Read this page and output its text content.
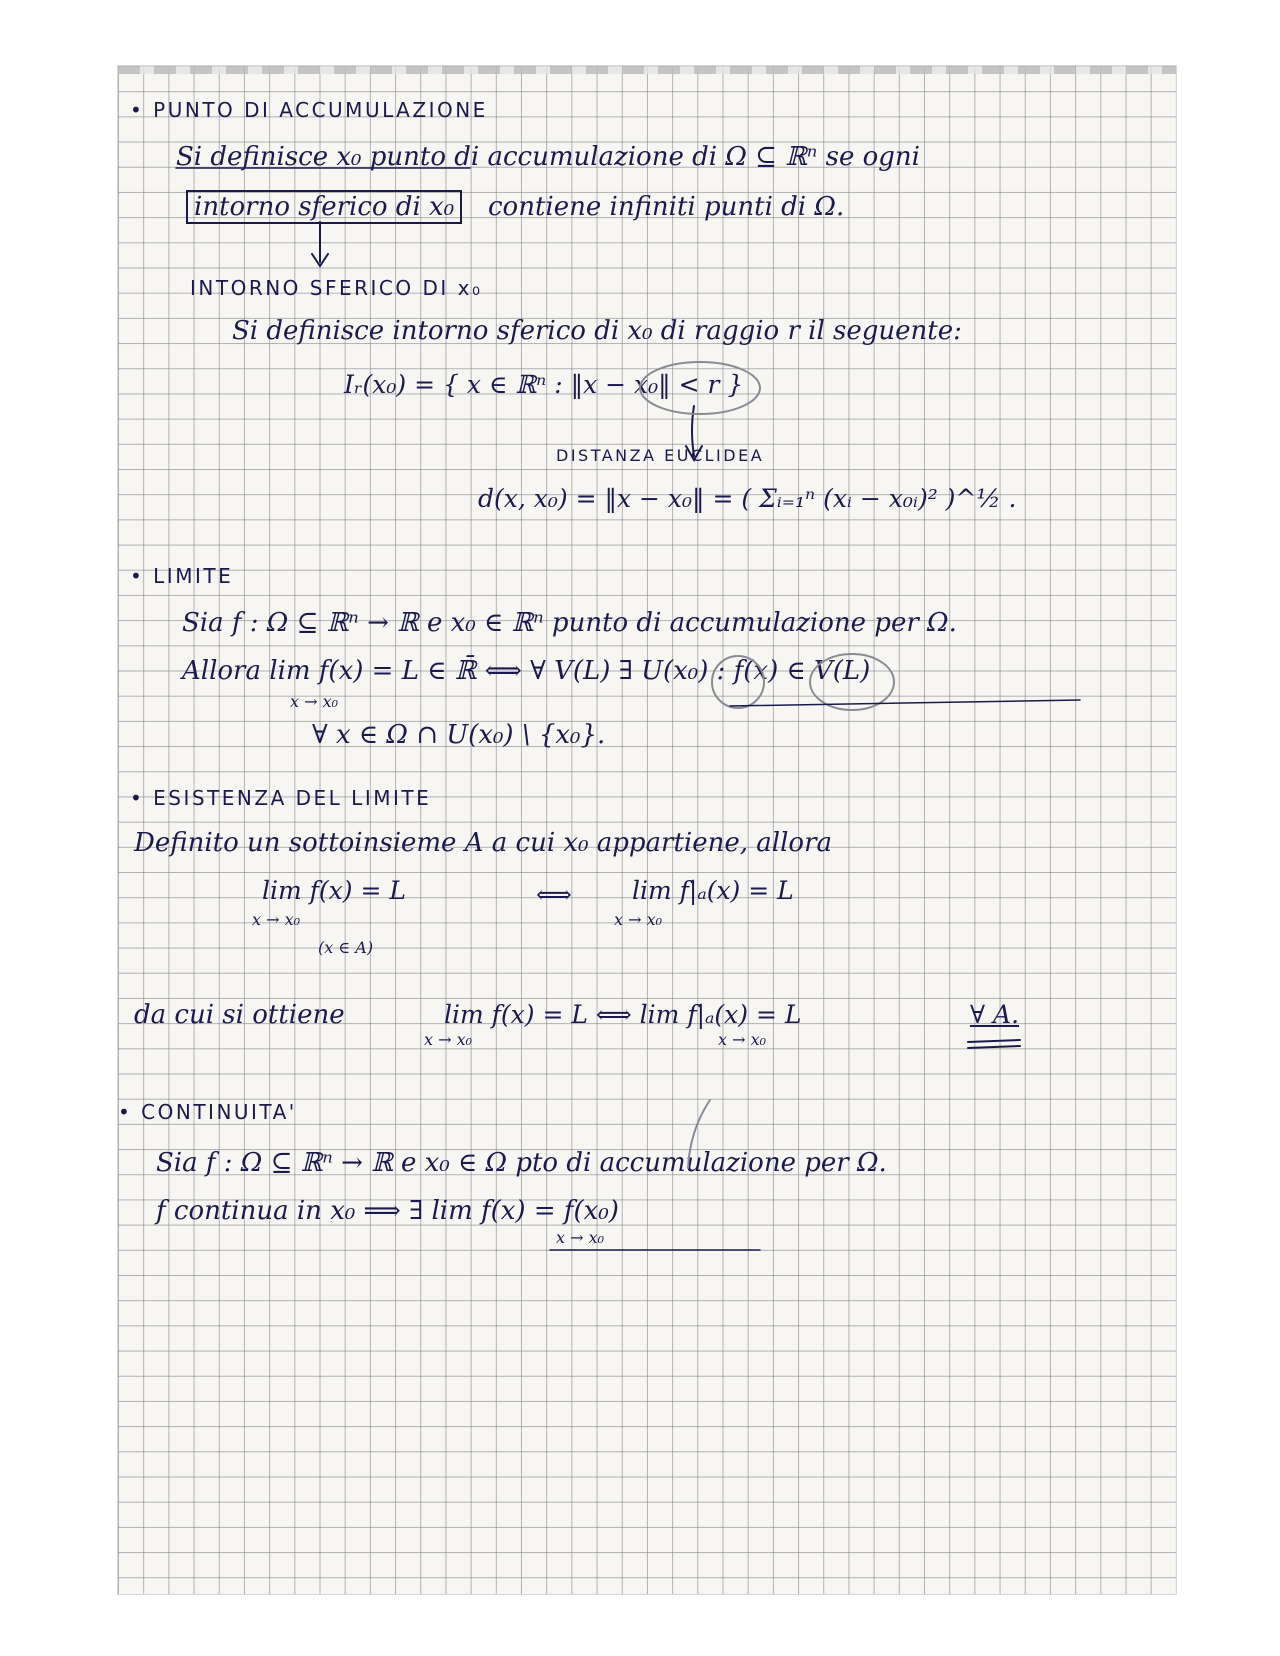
• PUNTO DI ACCUMULAZIONE
Si definisce x₀ punto di accumulazione di Ω ⊆ ℝⁿ se ogni
intorno sferico di x₀	contiene infiniti punti di Ω.
INTORNO SFERICO DI x₀
Si definisce intorno sferico di x₀ di raggio r il seguente:
Iᵣ(x₀) = { x ∈ ℝⁿ : ‖x − x₀‖ < r }
DISTANZA EUCLIDEA
d(x, x₀) = ‖x − x₀‖ = ( Σᵢ₌₁ⁿ (xᵢ − x₀ᵢ)² )^½ .
• LIMITE
Sia f : Ω ⊆ ℝⁿ → ℝ e x₀ ∈ ℝⁿ punto di accumulazione per Ω.
Allora lim f(x) = L ∈ ℝ̄ ⟺ ∀ V(L) ∃ U(x₀) : f(x) ∈ V(L)
x → x₀
∀ x ∈ Ω ∩ U(x₀) \ {x₀}.
• ESISTENZA DEL LIMITE
Definito un sottoinsieme A a cui x₀ appartiene, allora
lim f(x) = L
x → x₀
(x ∈ A)
⟺ lim f|ₐ(x) = L
x → x₀
da cui si ottiene	lim f(x) = L ⟺ lim f|ₐ(x) = L
x → x₀	x → x₀
∀ A.
• CONTINUITA'
Sia f : Ω ⊆ ℝⁿ → ℝ e x₀ ∈ Ω pto di accumulazione per Ω.
f continua in x₀ ⟹ ∃ lim f(x) = f(x₀)
x → x₀
